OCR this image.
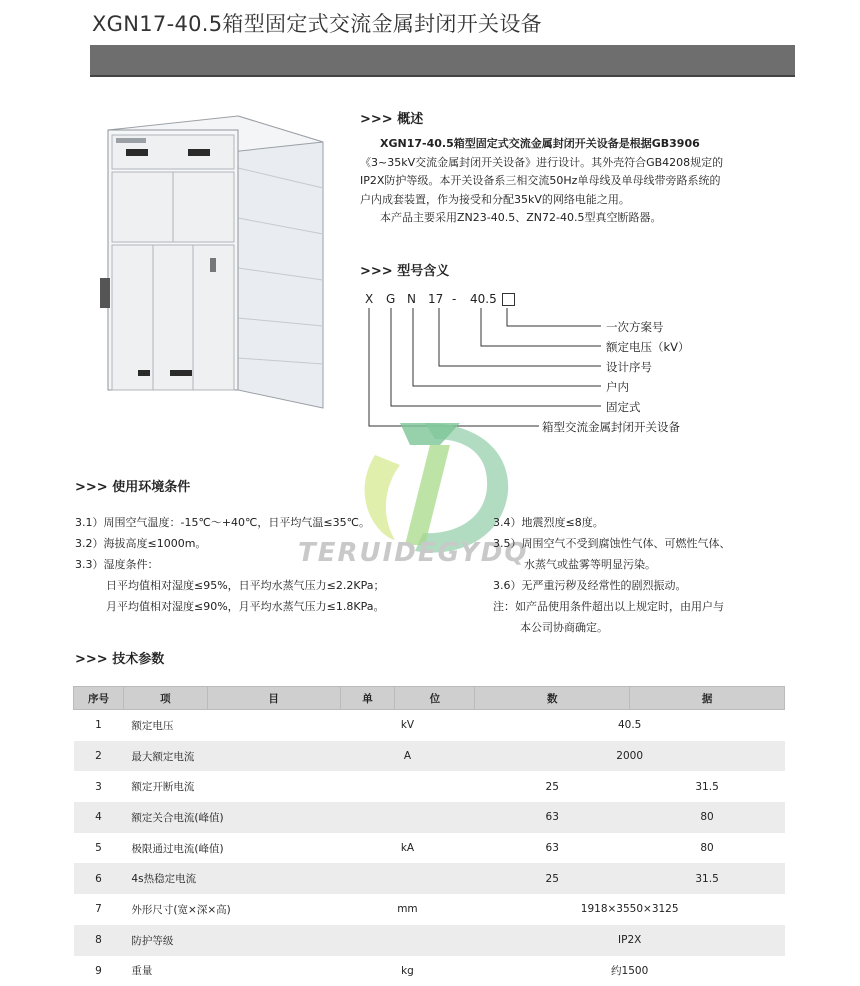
XGN17-40.5箱型固定式交流金属封闭开关设备
>>> 概述
XGN17-40.5箱型固定式交流金属封闭开关设备是根据GB3906
《3~35kV交流金属封闭开关设备》进行设计。其外壳符合GB4208规定的
IP2X防护等级。本开关设备系三相交流50Hz单母线及单母线带旁路系统的
户内成套装置，作为接受和分配35kV的网络电能之用。
本产品主要采用ZN23-40.5、ZN72-40.5型真空断路器。
>>> 型号含义
X G N 17 - 40.5
一次方案号
额定电压（kV）
设计序号
户内
固定式
箱型交流金属封闭开关设备
TERUIDEGYDQ
>>> 使用环境条件
3.1）周围空气温度：-15℃～+40℃，日平均气温≤35℃。
3.2）海拔高度≤1000m。
3.3）湿度条件：
日平均值相对湿度≤95%，日平均水蒸气压力≤2.2KPa；
月平均值相对湿度≤90%，月平均水蒸气压力≤1.8KPa。
3.4）地震烈度≤8度。
3.5）周围空气不受到腐蚀性气体、可燃性气体、
水蒸气或盐雾等明显污染。
3.6）无严重污秽及经常性的剧烈振动。
注：如产品使用条件超出以上规定时，由用户与
本公司协商确定。
>>> 技术参数
序号	项	目	单	位	数	据
1	额定电压		kV		40.5	
2	最大额定电流		A		2000	
3	额定开断电流				25	31.5
4	额定关合电流(峰值)				63	80
5	极限通过电流(峰值)		kA		63	80
6	4s热稳定电流				25	31.5
7	外形尺寸(宽×深×高)		mm		1918×3550×3125	
8	防护等级				IP2X	
9	重量		kg		约1500	
